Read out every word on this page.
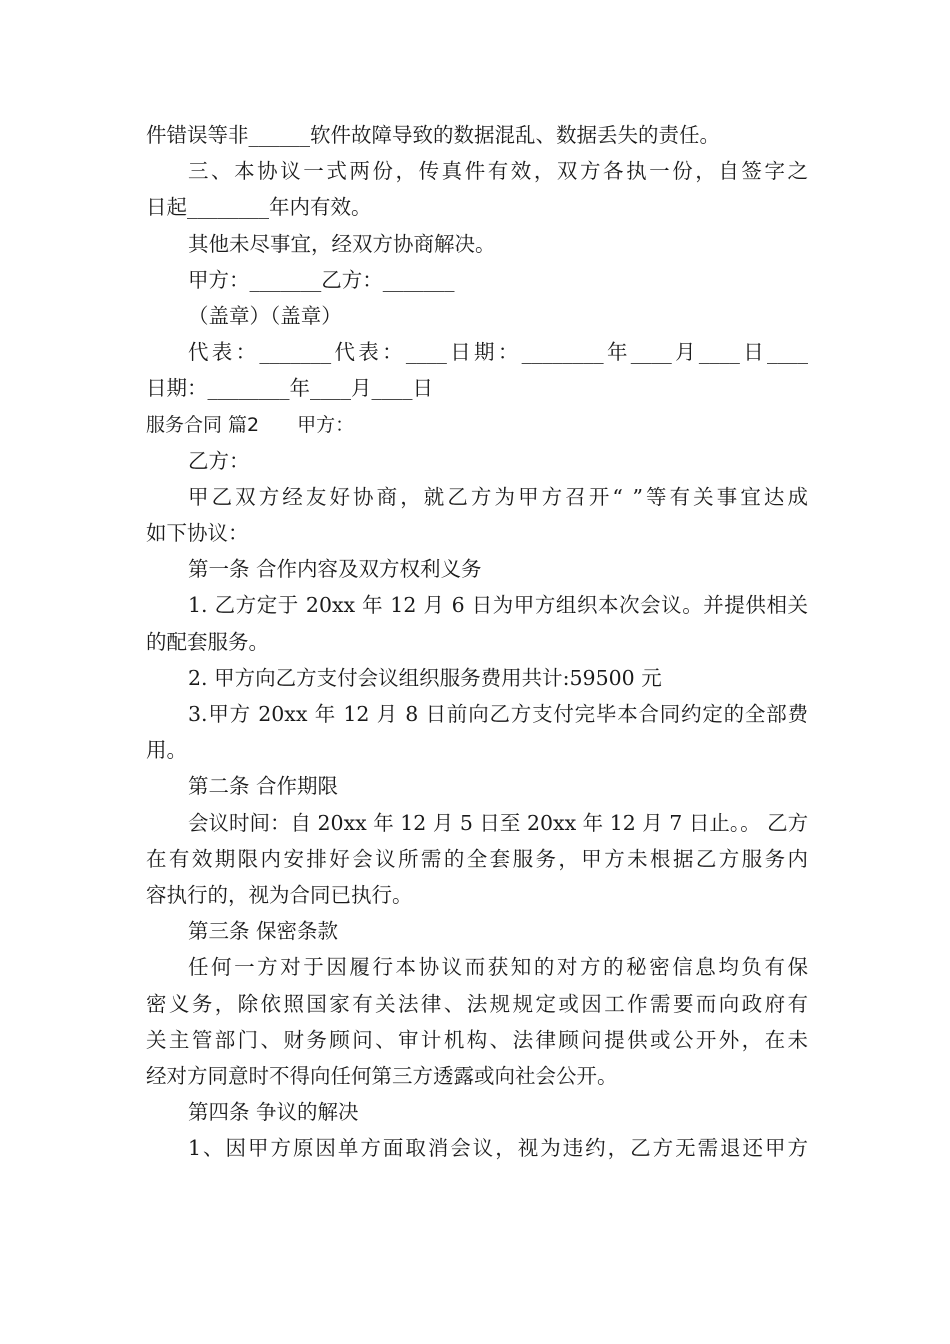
件错误等非______软件故障导致的数据混乱、数据丢失的责任。
三、本协议一式两份，传真件有效，双方各执一份，自签字之
日起________年内有效。
其他未尽事宜，经双方协商解决。
甲方：_______乙方：_______
（盖章）（盖章）
代表：_______代表：____日期：________年____月____日____
日期：________年____月____日
服务合同 篇2　　甲方：
乙方：
甲乙双方经友好协商，就乙方为甲方召开“ ”等有关事宜达成
如下协议：
第一条 合作内容及双方权利义务
1. 乙方定于 20xx 年 12 月 6 日为甲方组织本次会议。并提供相关
的配套服务。
2. 甲方向乙方支付会议组织服务费用共计:59500 元
3.甲方 20xx 年 12 月 8 日前向乙方支付完毕本合同约定的全部费
用。
第二条 合作期限
会议时间：自 20xx 年 12 月 5 日至 20xx 年 12 月 7 日止。。 乙方
在有效期限内安排好会议所需的全套服务，甲方未根据乙方服务内
容执行的，视为合同已执行。
第三条 保密条款
任何一方对于因履行本协议而获知的对方的秘密信息均负有保
密义务，除依照国家有关法律、法规规定或因工作需要而向政府有
关主管部门、财务顾问、审计机构、法律顾问提供或公开外，在未
经对方同意时不得向任何第三方透露或向社会公开。
第四条 争议的解决
1、因甲方原因单方面取消会议，视为违约，乙方无需退还甲方
